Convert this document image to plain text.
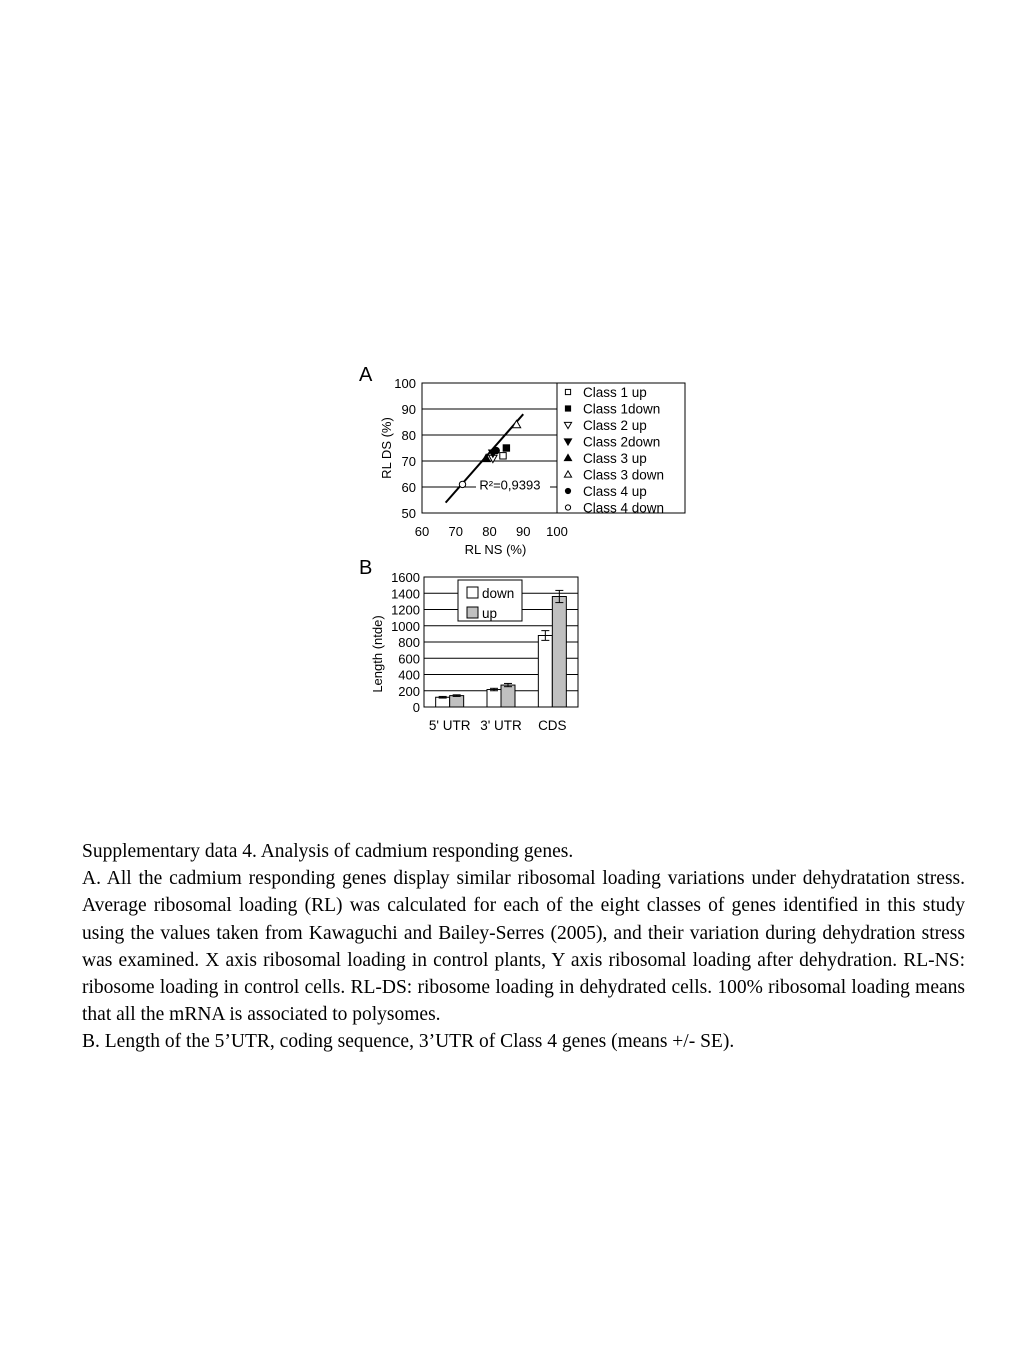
A
B
50
60
70
80
90
100
60 70 80 90 100
RL NS (%)
RL DS (%)
R²=0,9393
Class 1 up
Class 1down
Class 2 up
Class 2down
Class 3 up
Class 3 down
Class 4 up
Class 4 down
0
200
400
600
800
1000
1200
1400
1600
Length (ntde)
5' UTR 3' UTR CDS
down
up

Supplementary data 4. Analysis of cadmium responding genes.

A. All the cadmium responding genes display similar ribosomal loading variations under dehydratation stress. Average ribosomal loading (RL) was calculated for each of the eight classes of genes identified in this study using the values taken from Kawaguchi and Bailey-Serres (2005), and their variation during dehydration stress was examined. X axis ribosomal loading in control plants, Y axis ribosomal loading after dehydration. RL-NS: ribosome loading in control cells. RL-DS: ribosome loading in dehydrated cells. 100% ribosomal loading means that all the mRNA is associated to polysomes.

B. Length of the 5’UTR, coding sequence, 3’UTR of Class 4 genes (means +/- SE).
